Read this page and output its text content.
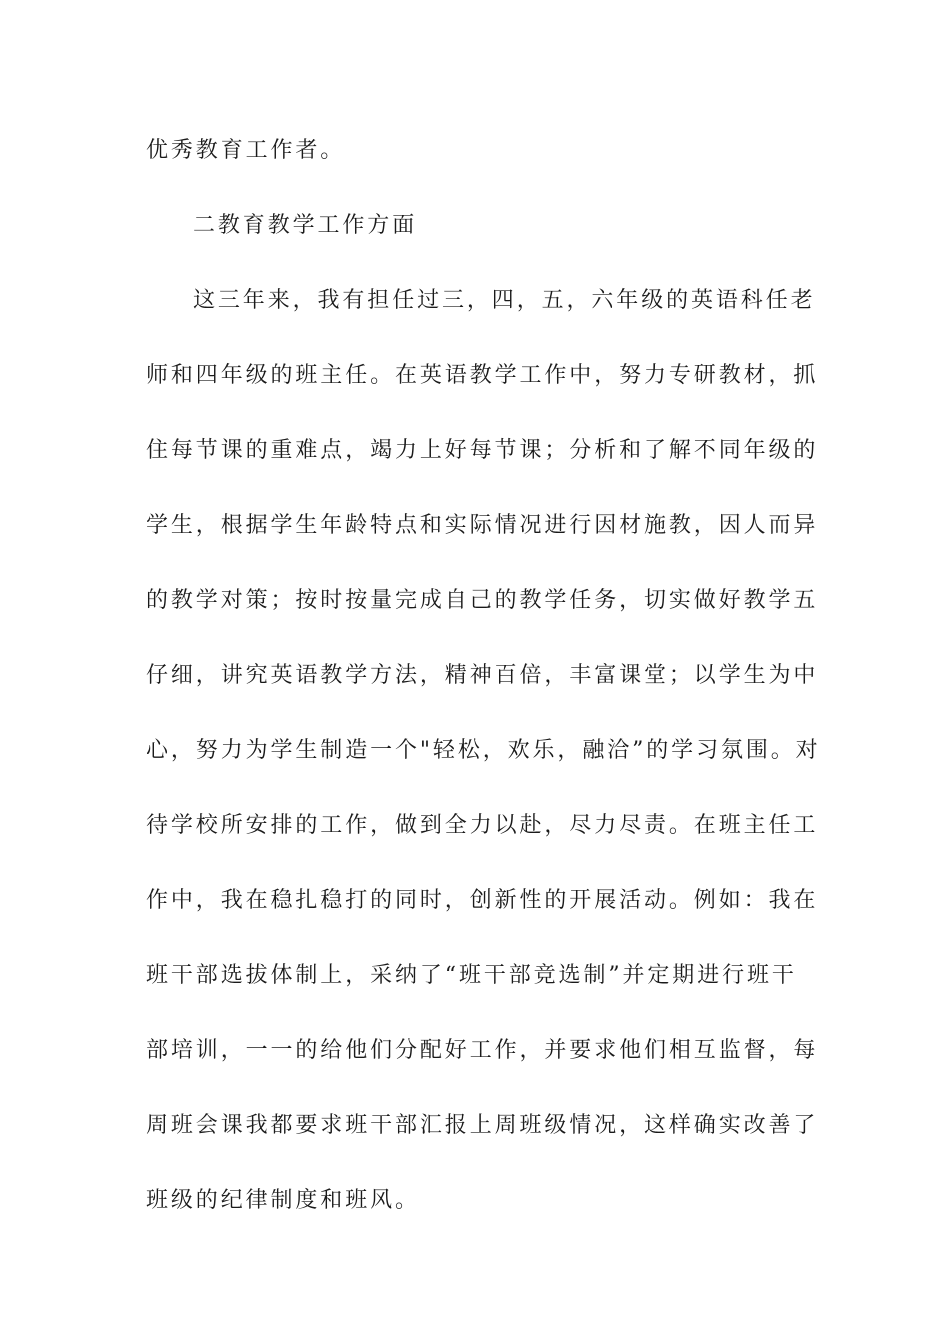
优秀教育工作者。
二教育教学工作方面
这三年来，我有担任过三，四，五，六年级的英语科任老
师和四年级的班主任。在英语教学工作中，努力专研教材，抓
住每节课的重难点，竭力上好每节课；分析和了解不同年级的
学生，根据学生年龄特点和实际情况进行因材施教，因人而异
的教学对策；按时按量完成自己的教学任务，切实做好教学五
仔细，讲究英语教学方法，精神百倍，丰富课堂；以学生为中
心，努力为学生制造一个"轻松，欢乐，融洽”的学习氛围。对
待学校所安排的工作，做到全力以赴，尽力尽责。在班主任工
作中，我在稳扎稳打的同时，创新性的开展活动。例如：我在
班干部选拔体制上，采纳了“班干部竞选制”并定期进行班干
部培训，一一的给他们分配好工作，并要求他们相互监督，每
周班会课我都要求班干部汇报上周班级情况，这样确实改善了
班级的纪律制度和班风。
